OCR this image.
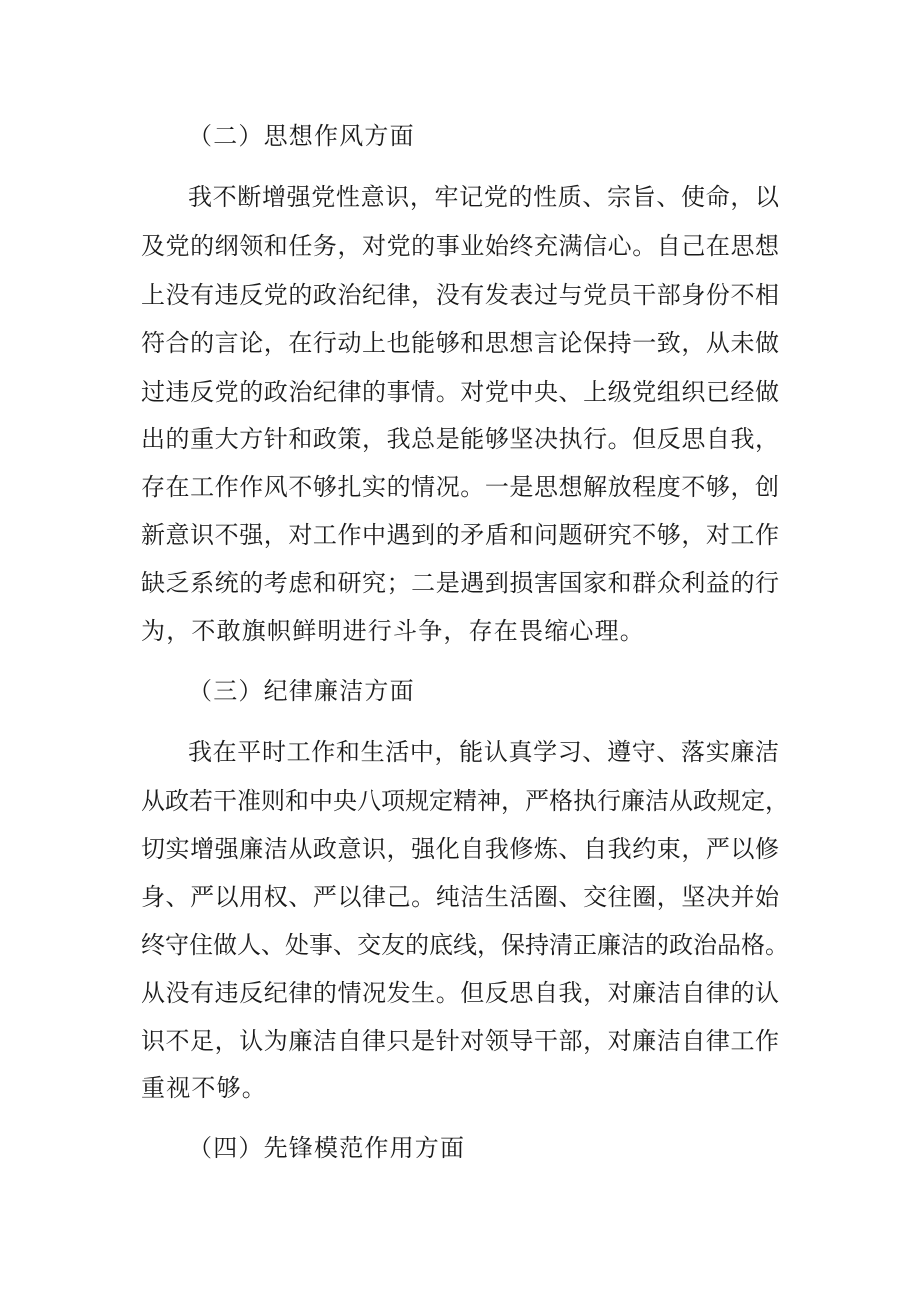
（二）思想作风方面
我不断增强党性意识，牢记党的性质、宗旨、使命，以
及党的纲领和任务，对党的事业始终充满信心。自己在思想
上没有违反党的政治纪律，没有发表过与党员干部身份不相
符合的言论，在行动上也能够和思想言论保持一致，从未做
过违反党的政治纪律的事情。对党中央、上级党组织已经做
出的重大方针和政策，我总是能够坚决执行。但反思自我，
存在工作作风不够扎实的情况。一是思想解放程度不够，创
新意识不强，对工作中遇到的矛盾和问题研究不够，对工作
缺乏系统的考虑和研究；二是遇到损害国家和群众利益的行
为，不敢旗帜鲜明进行斗争，存在畏缩心理。
（三）纪律廉洁方面
我在平时工作和生活中，能认真学习、遵守、落实廉洁
从政若干准则和中央八项规定精神，严格执行廉洁从政规定，
切实增强廉洁从政意识，强化自我修炼、自我约束，严以修
身、严以用权、严以律己。纯洁生活圈、交往圈，坚决并始
终守住做人、处事、交友的底线，保持清正廉洁的政治品格。
从没有违反纪律的情况发生。但反思自我，对廉洁自律的认
识不足，认为廉洁自律只是针对领导干部，对廉洁自律工作
重视不够。
（四）先锋模范作用方面
